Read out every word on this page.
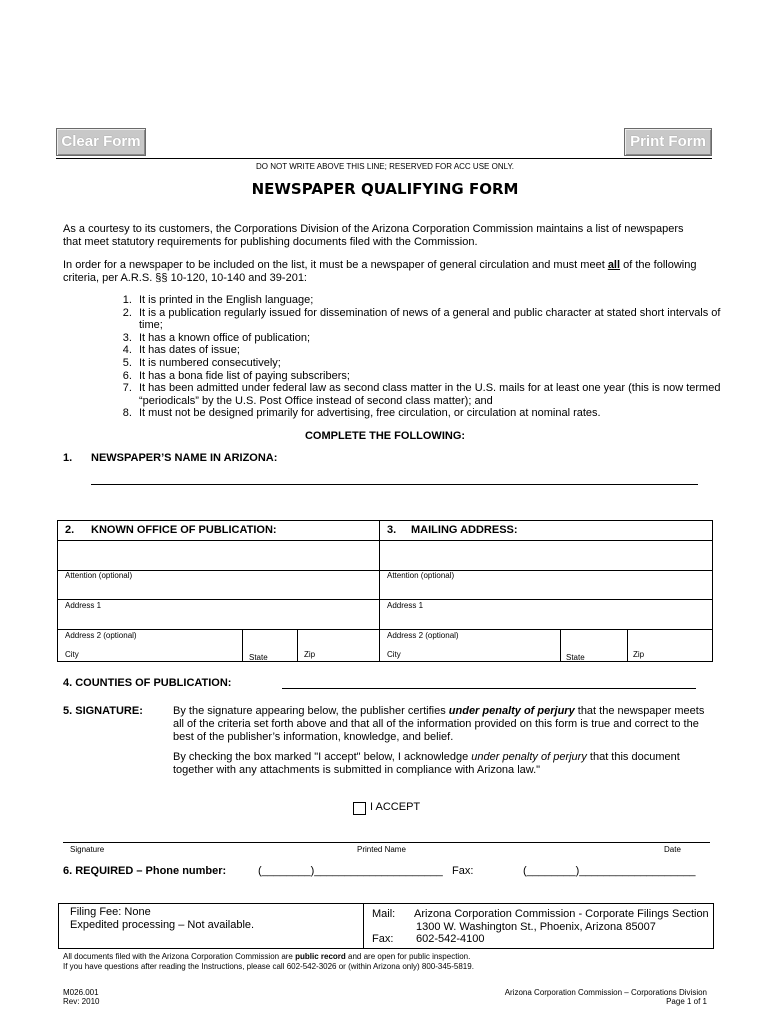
Clear Form	Print Form
DO NOT WRITE ABOVE THIS LINE; RESERVED FOR ACC USE ONLY.
NEWSPAPER QUALIFYING FORM
As a courtesy to its customers, the Corporations Division of the Arizona Corporation Commission maintains a list of newspapers that meet statutory requirements for publishing documents filed with the Commission.
In order for a newspaper to be included on the list, it must be a newspaper of general circulation and must meet all of the following criteria, per A.R.S. §§ 10-120, 10-140 and 39-201:
1. It is printed in the English language;
2. It is a publication regularly issued for dissemination of news of a general and public character at stated short intervals of time;
3. It has a known office of publication;
4. It has dates of issue;
5. It is numbered consecutively;
6. It has a bona fide list of paying subscribers;
7. It has been admitted under federal law as second class matter in the U.S. mails for at least one year (this is now termed “periodicals” by the U.S. Post Office instead of second class matter); and
8. It must not be designed primarily for advertising, free circulation, or circulation at nominal rates.
COMPLETE THE FOLLOWING:
1. NEWSPAPER’S NAME IN ARIZONA:
2. KNOWN OFFICE OF PUBLICATION:	3. MAILING ADDRESS:
Attention (optional)	Attention (optional)
Address 1	Address 1
Address 2 (optional)	Address 2 (optional)
City	State	Zip	City	State	Zip
4. COUNTIES OF PUBLICATION:
5. SIGNATURE:	By the signature appearing below, the publisher certifies under penalty of perjury that the newspaper meets all of the criteria set forth above and that all of the information provided on this form is true and correct to the best of the publisher’s information, knowledge, and belief.
By checking the box marked "I accept" below, I acknowledge under penalty of perjury that this document together with any attachments is submitted in compliance with Arizona law."
I ACCEPT
Signature	Printed Name	Date
6. REQUIRED – Phone number:	(________)_____________________ Fax:	(________)___________________
Filing Fee: None
Expedited processing – Not available.
Mail: Arizona Corporation Commission - Corporate Filings Section
1300 W. Washington St., Phoenix, Arizona 85007
Fax: 602-542-4100
All documents filed with the Arizona Corporation Commission are public record and are open for public inspection.
If you have questions after reading the Instructions, please call 602-542-3026 or (within Arizona only) 800-345-5819.
M026.001
Rev: 2010
Arizona Corporation Commission – Corporations Division
Page 1 of 1
